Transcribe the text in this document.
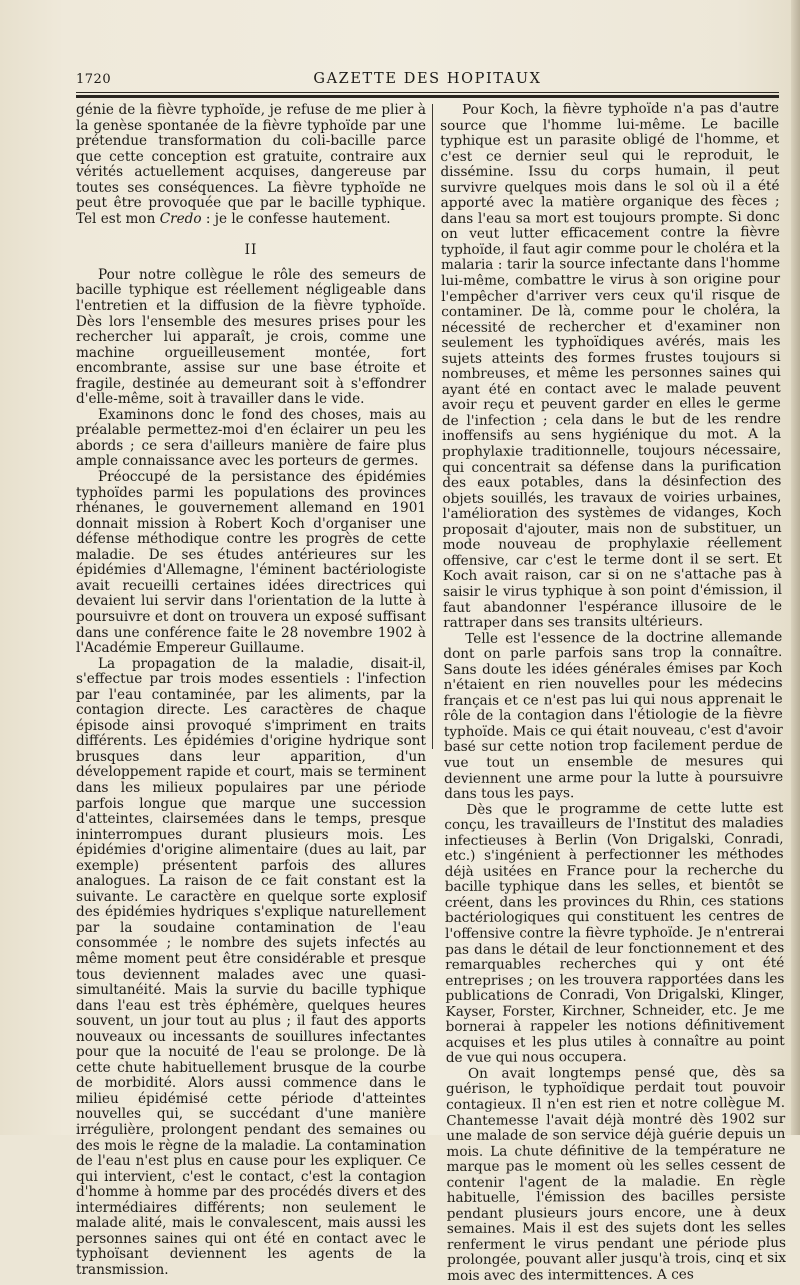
1720	GAZETTE DES HOPITAUX

génie de la fièvre typhoïde, je refuse de me plier à la genèse spontanée de la fièvre typhoïde par une prétendue transformation du coli-bacille parce que cette conception est gratuite, contraire aux vérités actuellement acquises, dangereuse par toutes ses conséquences. La fièvre typhoïde ne peut être provoquée que par le bacille typhique. Tel est mon Credo : je le confesse hautement.

II

Pour notre collègue le rôle des semeurs de bacille typhique est réellement négligeable dans l'entretien et la diffusion de la fièvre typhoïde. Dès lors l'ensemble des mesures prises pour les rechercher lui apparaît, je crois, comme une machine orgueilleusement montée, fort encombrante, assise sur une base étroite et fragile, destinée au demeurant soit à s'effondrer d'elle-même, soit à travailler dans le vide.

Examinons donc le fond des choses, mais au préalable permettez-moi d'en éclairer un peu les abords ; ce sera d'ailleurs manière de faire plus ample connaissance avec les porteurs de germes.

Préoccupé de la persistance des épidémies typhoïdes parmi les populations des provinces rhénanes, le gouvernement allemand en 1901 donnait mission à Robert Koch d'organiser une défense méthodique contre les progrès de cette maladie. De ses études antérieures sur les épidémies d'Allemagne, l'éminent bactériologiste avait recueilli certaines idées directrices qui devaient lui servir dans l'orientation de la lutte à poursuivre et dont on trouvera un exposé suffisant dans une conférence faite le 28 novembre 1902 à l'Académie Empereur Guillaume.

La propagation de la maladie, disait-il, s'effectue par trois modes essentiels : l'infection par l'eau contaminée, par les aliments, par la contagion directe. Les caractères de chaque épisode ainsi provoqué s'impriment en traits différents. Les épidémies d'origine hydrique sont brusques dans leur apparition, d'un développement rapide et court, mais se terminent dans les milieux populaires par une période parfois longue que marque une succession d'atteintes, clairsemées dans le temps, presque ininterrompues durant plusieurs mois. Les épidémies d'origine alimentaire (dues au lait, par exemple) présentent parfois des allures analogues. La raison de ce fait constant est la suivante. Le caractère en quelque sorte explosif des épidémies hydriques s'explique naturellement par la soudaine contamination de l'eau consommée ; le nombre des sujets infectés au même moment peut être considérable et presque tous deviennent malades avec une quasi-simultanéité. Mais la survie du bacille typhique dans l'eau est très éphémère, quelques heures souvent, un jour tout au plus ; il faut des apports nouveaux ou incessants de souillures infectantes pour que la nocuité de l'eau se prolonge. De là cette chute habituellement brusque de la courbe de morbidité. Alors aussi commence dans le milieu épidémisé cette période d'atteintes nouvelles qui, se succédant d'une manière irrégulière, prolongent pendant des semaines ou des mois le règne de la maladie. La contamination de l'eau n'est plus en cause pour les expliquer. Ce qui intervient, c'est le contact, c'est la contagion d'homme à homme par des procédés divers et des intermédiaires différents; non seulement le malade alité, mais le convalescent, mais aussi les personnes saines qui ont été en contact avec le typhoïsant deviennent les agents de la transmission.

Pour Koch, la fièvre typhoïde n'a pas d'autre source que l'homme lui-même. Le bacille typhique est un parasite obligé de l'homme, et c'est ce dernier seul qui le reproduit, le dissémine. Issu du corps humain, il peut survivre quelques mois dans le sol où il a été apporté avec la matière organique des fèces ; dans l'eau sa mort est toujours prompte. Si donc on veut lutter efficacement contre la fièvre typhoïde, il faut agir comme pour le choléra et la malaria : tarir la source infectante dans l'homme lui-même, combattre le virus à son origine pour l'empêcher d'arriver vers ceux qu'il risque de contaminer. De là, comme pour le choléra, la nécessité de rechercher et d'examiner non seulement les typhoïdiques avérés, mais les sujets atteints des formes frustes toujours si nombreuses, et même les personnes saines qui ayant été en contact avec le malade peuvent avoir reçu et peuvent garder en elles le germe de l'infection ; cela dans le but de les rendre inoffensifs au sens hygiénique du mot. A la prophylaxie traditionnelle, toujours nécessaire, qui concentrait sa défense dans la purification des eaux potables, dans la désinfection des objets souillés, les travaux de voiries urbaines, l'amélioration des systèmes de vidanges, Koch proposait d'ajouter, mais non de substituer, un mode nouveau de prophylaxie réellement offensive, car c'est le terme dont il se sert. Et Koch avait raison, car si on ne s'attache pas à saisir le virus typhique à son point d'émission, il faut abandonner l'espérance illusoire de le rattraper dans ses transits ultérieurs.

Telle est l'essence de la doctrine allemande dont on parle parfois sans trop la connaître. Sans doute les idées générales émises par Koch n'étaient en rien nouvelles pour les médecins français et ce n'est pas lui qui nous apprenait le rôle de la contagion dans l'étiologie de la fièvre typhoïde. Mais ce qui était nouveau, c'est d'avoir basé sur cette notion trop facilement perdue de vue tout un ensemble de mesures qui deviennent une arme pour la lutte à poursuivre dans tous les pays.

Dès que le programme de cette lutte est conçu, les travailleurs de l'Institut des maladies infectieuses à Berlin (Von Drigalski, Conradi, etc.) s'ingénient à perfectionner les méthodes déjà usitées en France pour la recherche du bacille typhique dans les selles, et bientôt se créent, dans les provinces du Rhin, ces stations bactériologiques qui constituent les centres de l'offensive contre la fièvre typhoïde. Je n'entrerai pas dans le détail de leur fonctionnement et des remarquables recherches qui y ont été entreprises ; on les trouvera rapportées dans les publications de Conradi, Von Drigalski, Klinger, Kayser, Forster, Kirchner, Schneider, etc. Je me bornerai à rappeler les notions définitivement acquises et les plus utiles à connaître au point de vue qui nous occupera.

On avait longtemps pensé que, dès sa guérison, le typhoïdique perdait tout pouvoir contagieux. Il n'en est rien et notre collègue M. Chantemesse l'avait déjà montré dès 1902 sur une malade de son service déjà guérie depuis un mois. La chute définitive de la température ne marque pas le moment où les selles cessent de contenir l'agent de la maladie. En règle habituelle, l'émission des bacilles persiste pendant plusieurs jours encore, une à deux semaines. Mais il est des sujets dont les selles renferment le virus pendant une période plus prolongée, pouvant aller jusqu'à trois, cinq et six mois avec des intermittences. A ces
